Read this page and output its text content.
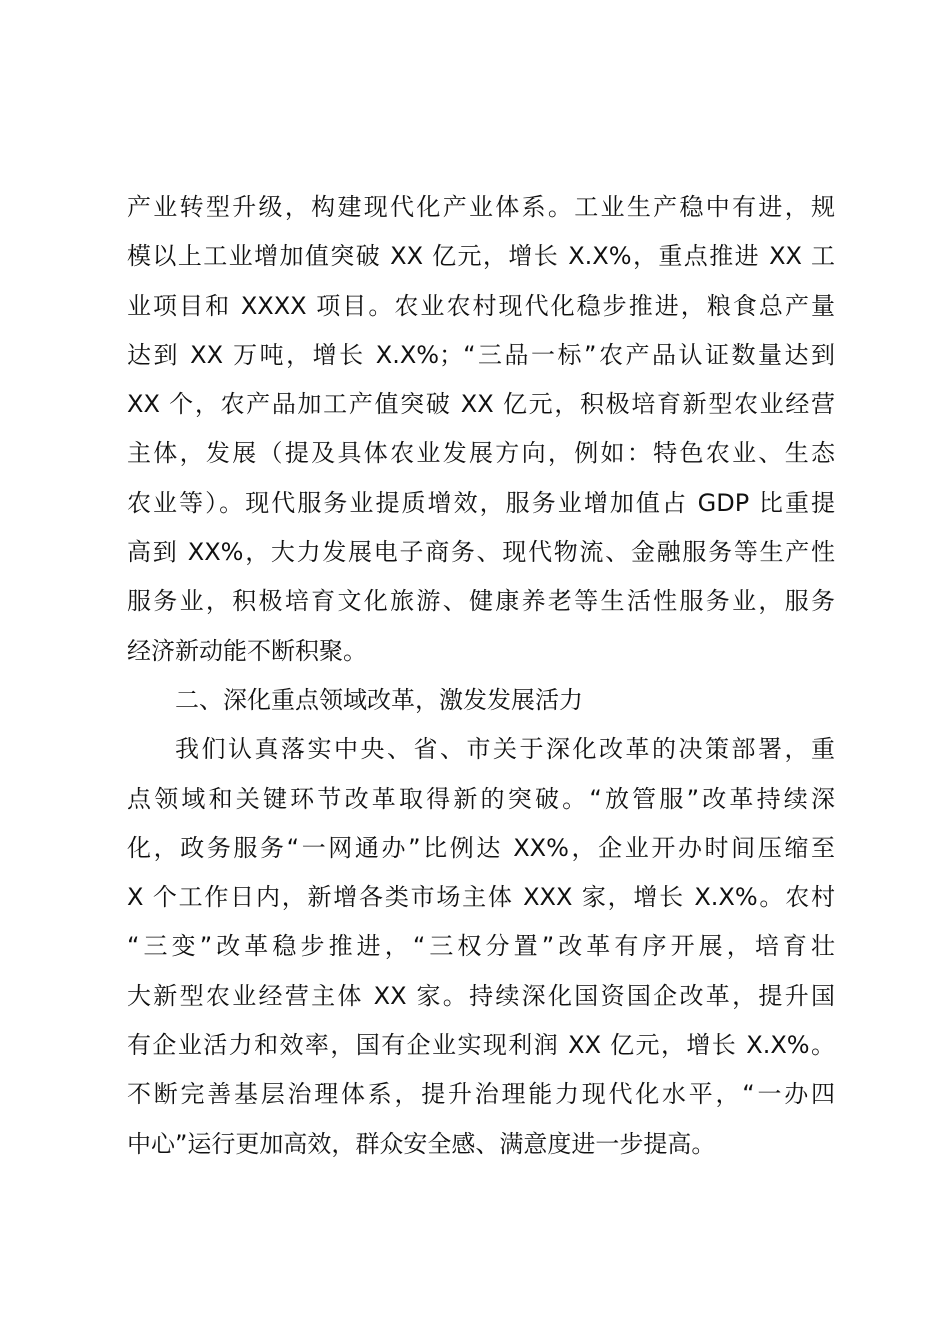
产业转型升级，构建现代化产业体系。工业生产稳中有进，规
模以上工业增加值突破 XX 亿元，增长 X.X%，重点推进 XX 工
业项目和 XXXX 项目。农业农村现代化稳步推进，粮食总产量
达到 XX 万吨，增长 X.X%；“三品一标”农产品认证数量达到
XX 个，农产品加工产值突破 XX 亿元，积极培育新型农业经营
主体，发展（提及具体农业发展方向，例如：特色农业、生态
农业等）。现代服务业提质增效，服务业增加值占 GDP 比重提
高到 XX%，大力发展电子商务、现代物流、金融服务等生产性
服务业，积极培育文化旅游、健康养老等生活性服务业，服务
经济新动能不断积聚。
二、深化重点领域改革，激发发展活力
我们认真落实中央、省、市关于深化改革的决策部署，重
点领域和关键环节改革取得新的突破。“放管服”改革持续深
化，政务服务“一网通办”比例达 XX%，企业开办时间压缩至
X 个工作日内，新增各类市场主体 XXX 家，增长 X.X%。农村
“三变”改革稳步推进，“三权分置”改革有序开展，培育壮
大新型农业经营主体 XX 家。持续深化国资国企改革，提升国
有企业活力和效率，国有企业实现利润 XX 亿元，增长 X.X%。
不断完善基层治理体系，提升治理能力现代化水平，“一办四
中心”运行更加高效，群众安全感、满意度进一步提高。
